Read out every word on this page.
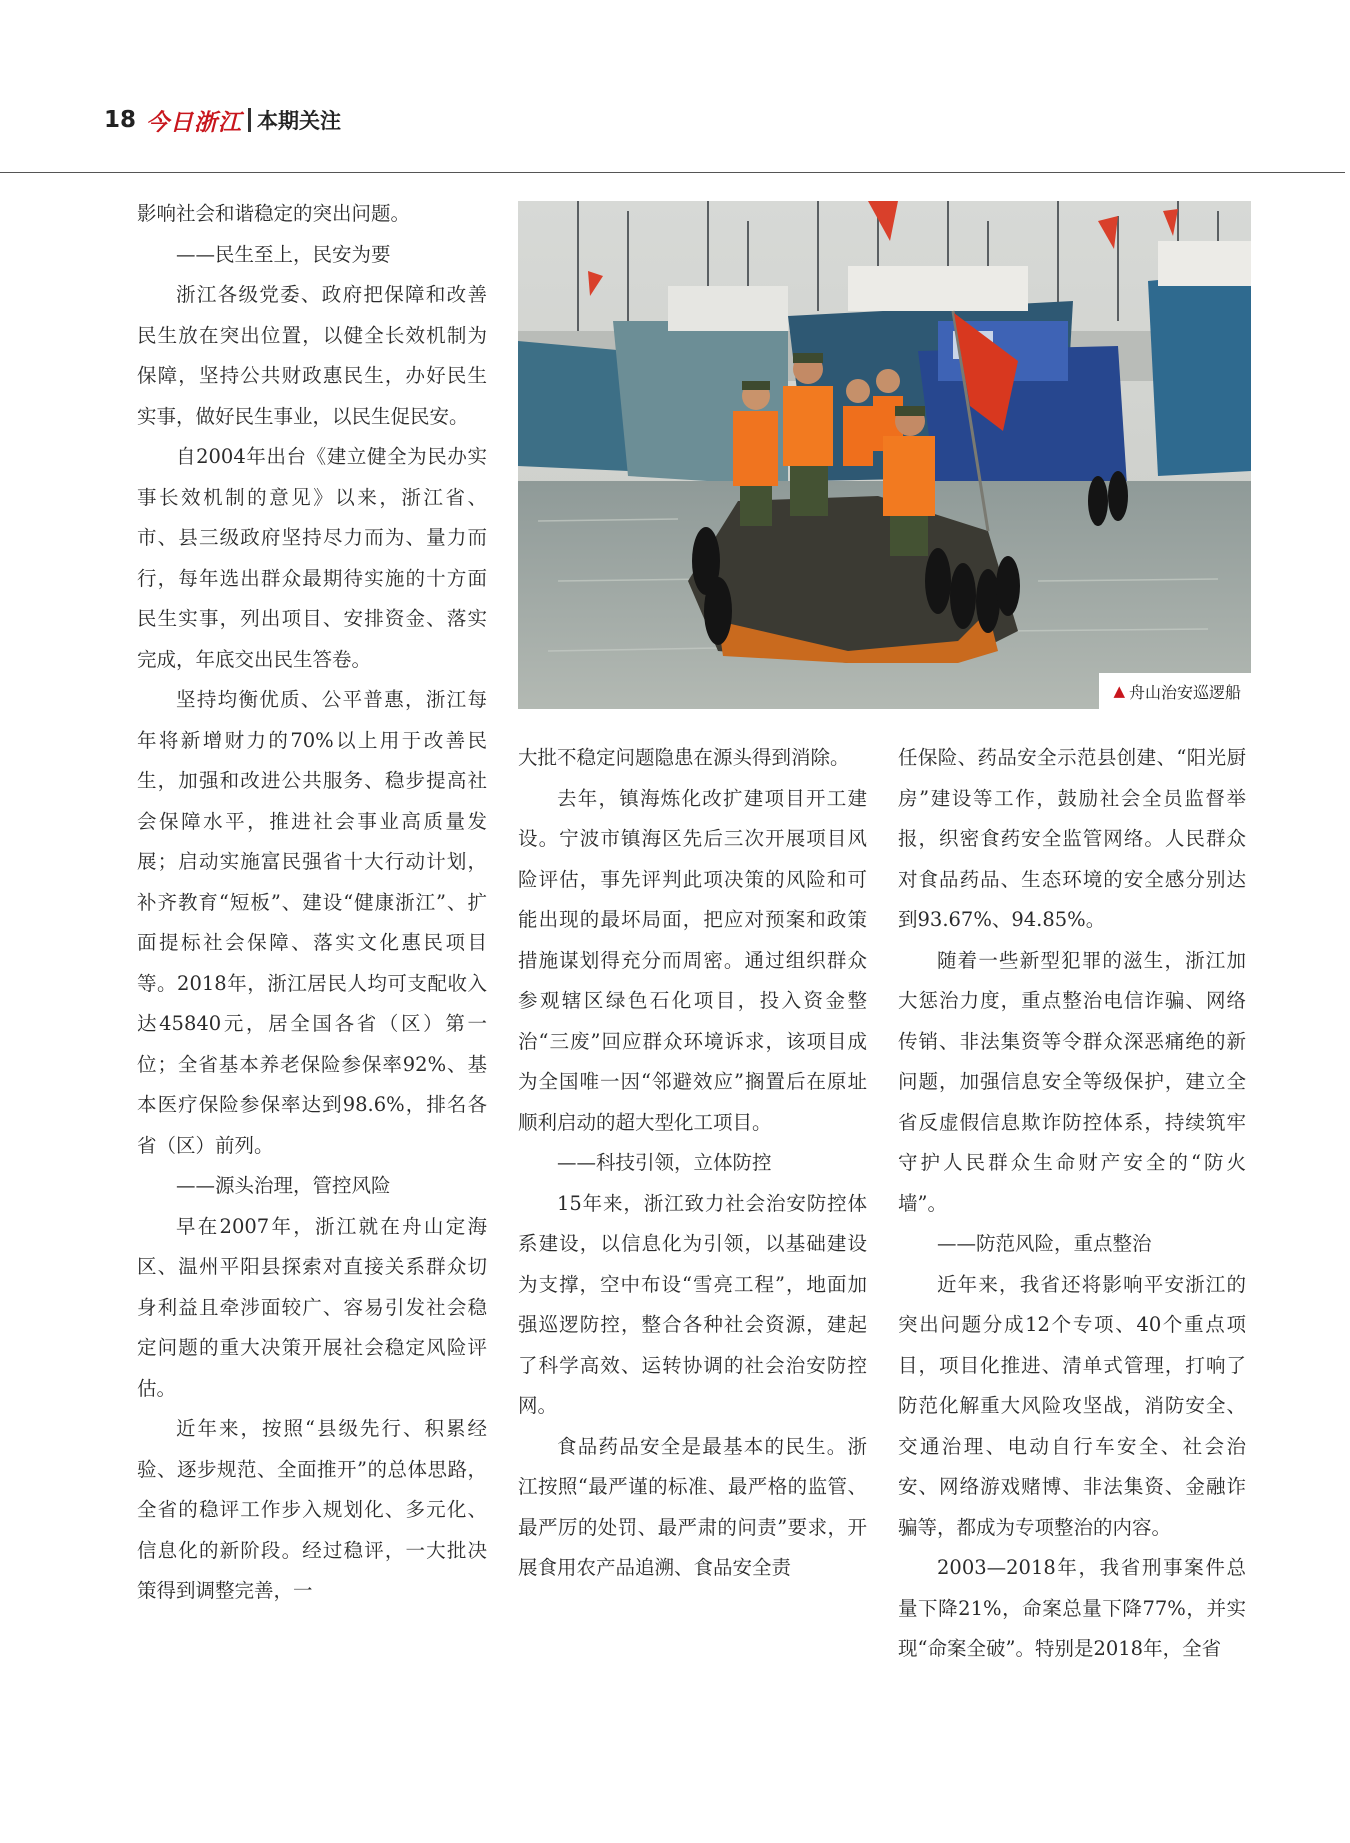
18 今日浙江 本期关注

影响社会和谐稳定的突出问题。

——民生至上，民安为要

浙江各级党委、政府把保障和改善民生放在突出位置，以健全长效机制为保障，坚持公共财政惠民生，办好民生实事，做好民生事业，以民生促民安。

自2004年出台《建立健全为民办实事长效机制的意见》以来，浙江省、市、县三级政府坚持尽力而为、量力而行，每年选出群众最期待实施的十方面民生实事，列出项目、安排资金、落实完成，年底交出民生答卷。

坚持均衡优质、公平普惠，浙江每年将新增财力的70%以上用于改善民生，加强和改进公共服务、稳步提高社会保障水平，推进社会事业高质量发展；启动实施富民强省十大行动计划，补齐教育“短板”、建设“健康浙江”、扩面提标社会保障、落实文化惠民项目等。2018年，浙江居民人均可支配收入达45840元，居全国各省（区）第一位；全省基本养老保险参保率92%、基本医疗保险参保率达到98.6%，排名各省（区）前列。

——源头治理，管控风险

早在2007年，浙江就在舟山定海区、温州平阳县探索对直接关系群众切身利益且牵涉面较广、容易引发社会稳定问题的重大决策开展社会稳定风险评估。

近年来，按照“县级先行、积累经验、逐步规范、全面推开”的总体思路，全省的稳评工作步入规划化、多元化、信息化的新阶段。经过稳评，一大批决策得到调整完善，一

▲ 舟山治安巡逻船

大批不稳定问题隐患在源头得到消除。

去年，镇海炼化改扩建项目开工建设。宁波市镇海区先后三次开展项目风险评估，事先评判此项决策的风险和可能出现的最坏局面，把应对预案和政策措施谋划得充分而周密。通过组织群众参观辖区绿色石化项目，投入资金整治“三废”回应群众环境诉求，该项目成为全国唯一因“邻避效应”搁置后在原址顺利启动的超大型化工项目。

——科技引领，立体防控

15年来，浙江致力社会治安防控体系建设，以信息化为引领，以基础建设为支撑，空中布设“雪亮工程”，地面加强巡逻防控，整合各种社会资源，建起了科学高效、运转协调的社会治安防控网。

食品药品安全是最基本的民生。浙江按照“最严谨的标准、最严格的监管、最严厉的处罚、最严肃的问责”要求，开展食用农产品追溯、食品安全责

任保险、药品安全示范县创建、“阳光厨房”建设等工作，鼓励社会全员监督举报，织密食药安全监管网络。人民群众对食品药品、生态环境的安全感分别达到93.67%、94.85%。

随着一些新型犯罪的滋生，浙江加大惩治力度，重点整治电信诈骗、网络传销、非法集资等令群众深恶痛绝的新问题，加强信息安全等级保护，建立全省反虚假信息欺诈防控体系，持续筑牢守护人民群众生命财产安全的“防火墙”。

——防范风险，重点整治

近年来，我省还将影响平安浙江的突出问题分成12个专项、40个重点项目，项目化推进、清单式管理，打响了防范化解重大风险攻坚战，消防安全、交通治理、电动自行车安全、社会治安、网络游戏赌博、非法集资、金融诈骗等，都成为专项整治的内容。

2003—2018年，我省刑事案件总量下降21%，命案总量下降77%，并实现“命案全破”。特别是2018年，全省
